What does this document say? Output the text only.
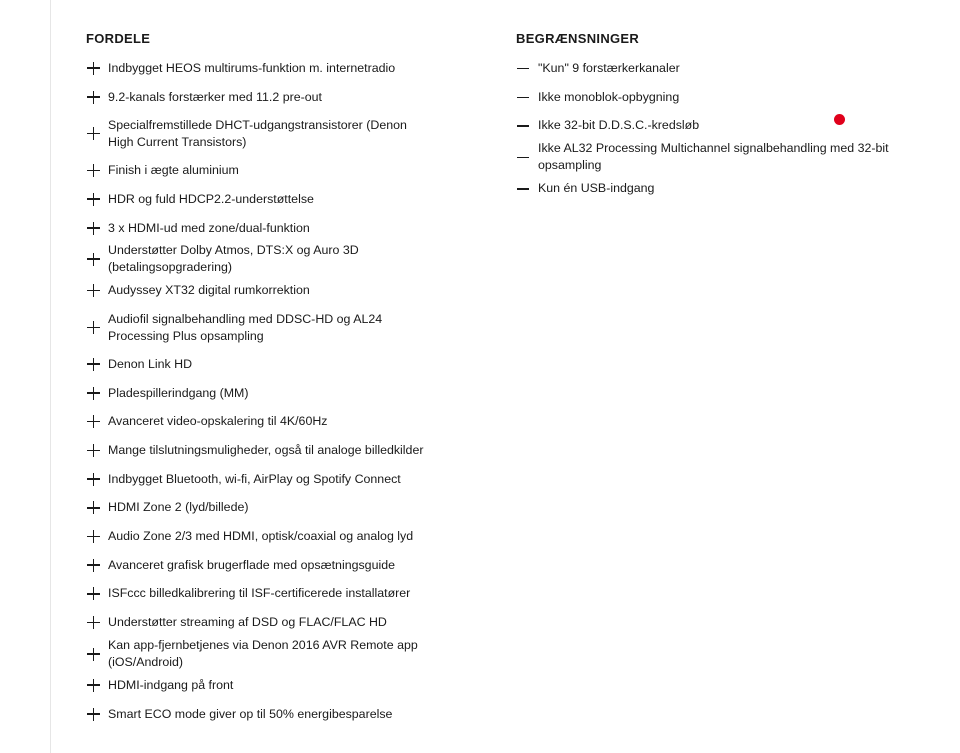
FORDELE
Indbygget HEOS multirums-funktion m. internetradio
9.2-kanals forstærker med 11.2 pre-out
Specialfremstillede DHCT-udgangstransistorer (Denon High Current Transistors)
Finish i ægte aluminium
HDR og fuld HDCP2.2-understøttelse
3 x HDMI-ud med zone/dual-funktion
Understøtter Dolby Atmos, DTS:X og Auro 3D (betalingsopgradering)
Audyssey XT32 digital rumkorrektion
Audiofil signalbehandling med DDSC-HD og AL24 Processing Plus opsampling
Denon Link HD
Pladespillerindgang (MM)
Avanceret video-opskalering til 4K/60Hz
Mange tilslutningsmuligheder, også til analoge billedkilder
Indbygget Bluetooth, wi-fi, AirPlay og Spotify Connect
HDMI Zone 2 (lyd/billede)
Audio Zone 2/3 med HDMI, optisk/coaxial og analog lyd
Avanceret grafisk brugerflade med opsætningsguide
ISFccc billedkalibrering til ISF-certificerede installatører
Understøtter streaming af DSD og FLAC/FLAC HD
Kan app-fjernbetjenes via Denon 2016 AVR Remote app (iOS/Android)
HDMI-indgang på front
Smart ECO mode giver op til 50% energibesparelse
BEGRÆNSNINGER
"Kun" 9 forstærkerkanaler
Ikke monoblok-opbygning
Ikke 32-bit D.D.S.C.-kredsløb
Ikke AL32 Processing Multichannel signalbehandling med 32-bit opsampling
Kun én USB-indgang
